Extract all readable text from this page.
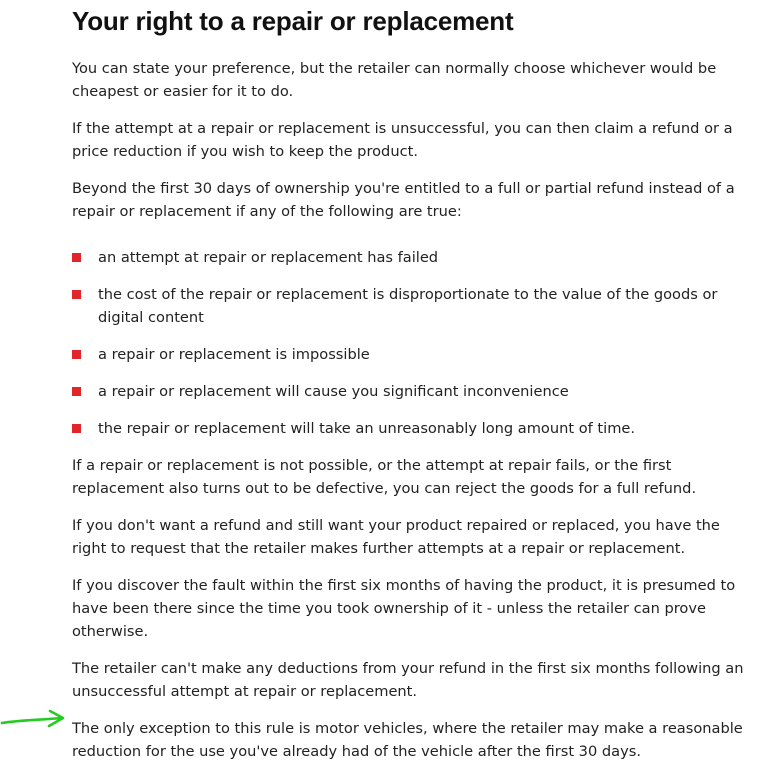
Your right to a repair or replacement

You can state your preference, but the retailer can normally choose whichever would be cheapest or easier for it to do.

If the attempt at a repair or replacement is unsuccessful, you can then claim a refund or a price reduction if you wish to keep the product.

Beyond the first 30 days of ownership you're entitled to a full or partial refund instead of a repair or replacement if any of the following are true:

an attempt at repair or replacement has failed
the cost of the repair or replacement is disproportionate to the value of the goods or digital content
a repair or replacement is impossible
a repair or replacement will cause you significant inconvenience
the repair or replacement will take an unreasonably long amount of time.

If a repair or replacement is not possible, or the attempt at repair fails, or the first replacement also turns out to be defective, you can reject the goods for a full refund.

If you don't want a refund and still want your product repaired or replaced, you have the right to request that the retailer makes further attempts at a repair or replacement.

If you discover the fault within the first six months of having the product, it is presumed to have been there since the time you took ownership of it - unless the retailer can prove otherwise.

The retailer can't make any deductions from your refund in the first six months following an unsuccessful attempt at repair or replacement.

The only exception to this rule is motor vehicles, where the retailer may make a reasonable reduction for the use you've already had of the vehicle after the first 30 days.
